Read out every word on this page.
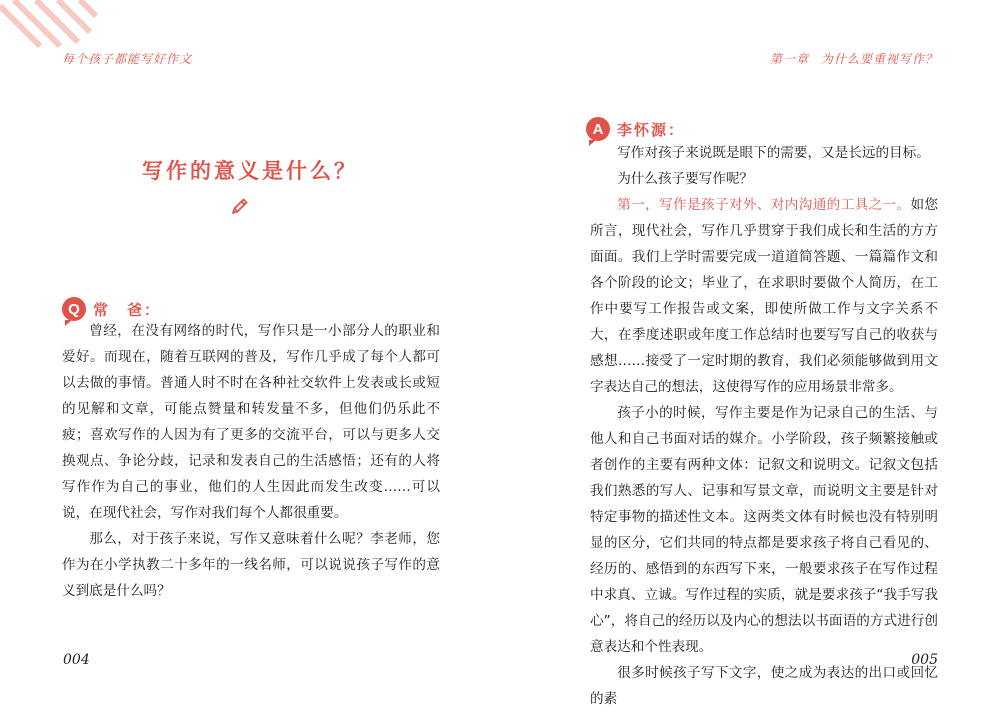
每个孩子都能写好作文
写作的意义是什么？
Q 常　爸：

曾经，在没有网络的时代，写作只是一小部分人的职业和爱好。而现在，随着互联网的普及，写作几乎成了每个人都可以去做的事情。普通人时不时在各种社交软件上发表或长或短的见解和文章，可能点赞量和转发量不多，但他们仍乐此不疲；喜欢写作的人因为有了更多的交流平台，可以与更多人交换观点、争论分歧，记录和发表自己的生活感悟；还有的人将写作作为自己的事业，他们的人生因此而发生改变……可以说，在现代社会，写作对我们每个人都很重要。

那么，对于孩子来说，写作又意味着什么呢？李老师，您作为在小学执教二十多年的一线名师，可以说说孩子写作的意义到底是什么吗？

004
第一章 为什么要重视写作？
005
A 李怀源：

写作对孩子来说既是眼下的需要，又是长远的目标。

为什么孩子要写作呢？

第一，写作是孩子对外、对内沟通的工具之一。如您所言，现代社会，写作几乎贯穿于我们成长和生活的方方面面。我们上学时需要完成一道道简答题、一篇篇作文和各个阶段的论文；毕业了，在求职时要做个人简历，在工作中要写工作报告或文案，即使所做工作与文字关系不大，在季度述职或年度工作总结时也要写写自己的收获与感想……接受了一定时期的教育，我们必须能够做到用文字表达自己的想法，这使得写作的应用场景非常多。

孩子小的时候，写作主要是作为记录自己的生活、与他人和自己书面对话的媒介。小学阶段，孩子频繁接触或者创作的主要有两种文体：记叙文和说明文。记叙文包括我们熟悉的写人、记事和写景文章，而说明文主要是针对特定事物的描述性文本。这两类文体有时候也没有特别明显的区分，它们共同的特点都是要求孩子将自己看见的、经历的、感悟到的东西写下来，一般要求孩子在写作过程中求真、立诚。写作过程的实质，就是要求孩子“我手写我心”，将自己的经历以及内心的想法以书面语的方式进行创意表达和个性表现。

很多时候孩子写下文字，使之成为表达的出口或回忆的素
